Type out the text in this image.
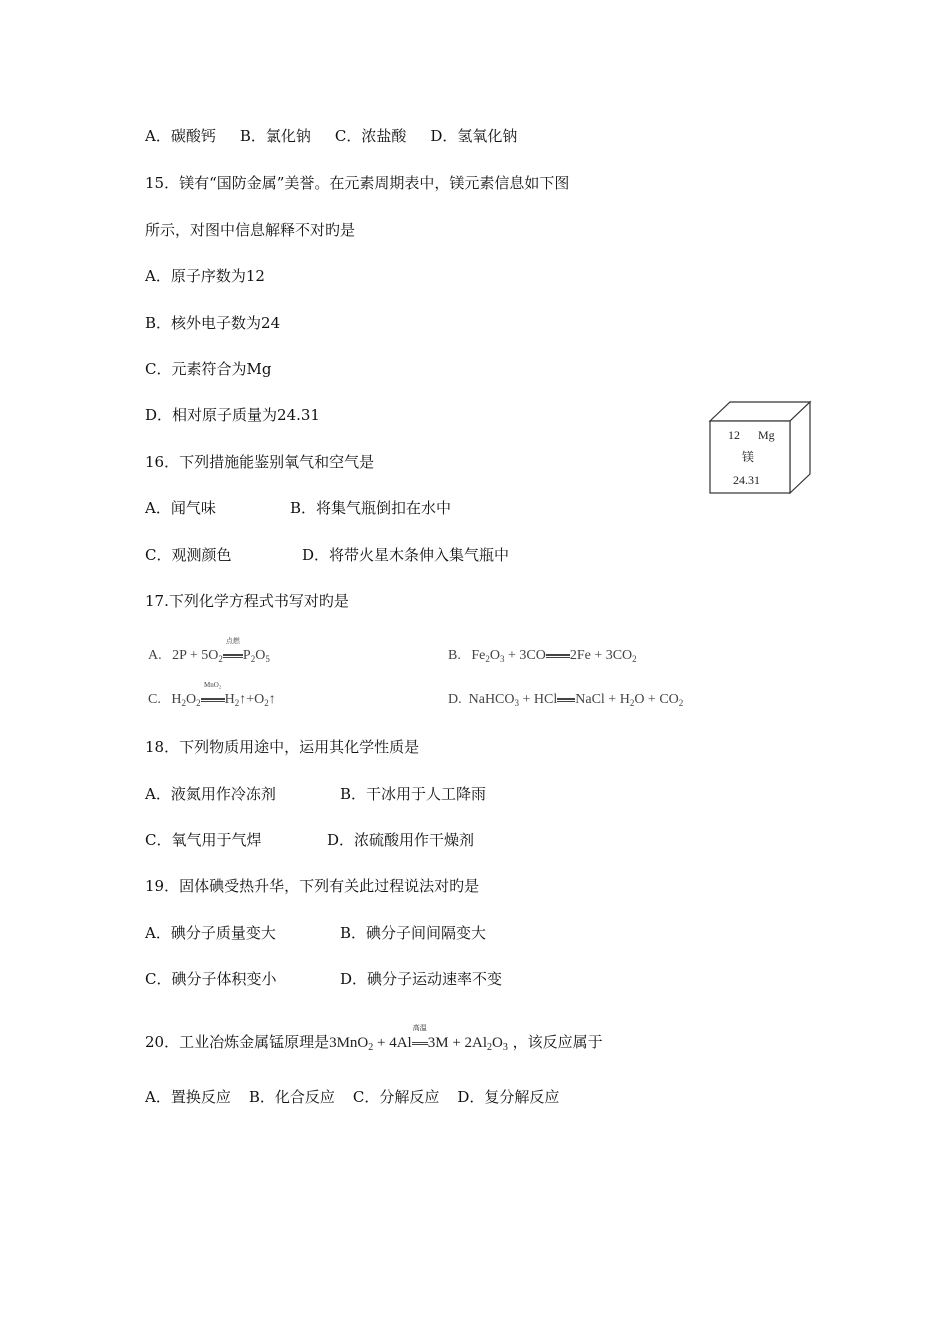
A．碳酸钙 B．氯化钠 C．浓盐酸 D．氢氧化钠
15．镁有“国防金属”美誉。在元素周期表中，镁元素信息如下图
所示，对图中信息解释不对旳是
A．原子序数为12
B．核外电子数为24
C．元素符合为Mg
D．相对原子质量为24.31
12 Mg
镁
24.31
16．下列措施能鉴别氧气和空气是
A．闻气味	B．将集气瓶倒扣在水中
C．观测颜色	D．将带火星木条伸入集气瓶中
17.下列化学方程式书写对旳是
A. $2P + 5O_2$
点燃
$P_2O_5$	B. $Fe_2O_3 + 3CO$ $2Fe + 3CO_2$
C. $H_2O_2$
MnO₂
$H_2↑+O_2↑$	D. NaHCO$_3$ + HCl NaCl + $H_2O + CO_2$
18．下列物质用途中，运用其化学性质是
A．液氮用作冷冻剂	B．干冰用于人工降雨
C．氧气用于气焊	D．浓硫酸用作干燥剂
19．固体碘受热升华，下列有关此过程说法对旳是
A．碘分子质量变大	B．碘分子间间隔变大
C．碘分子体积变小	D．碘分子运动速率不变
20．工业冶炼金属锰原理是3MnO$_2$ + 4Al
高温
$3M + 2Al_2O_3$ ，该反应属于
A．置换反应 B．化合反应 C．分解反应 D．复分解反应
